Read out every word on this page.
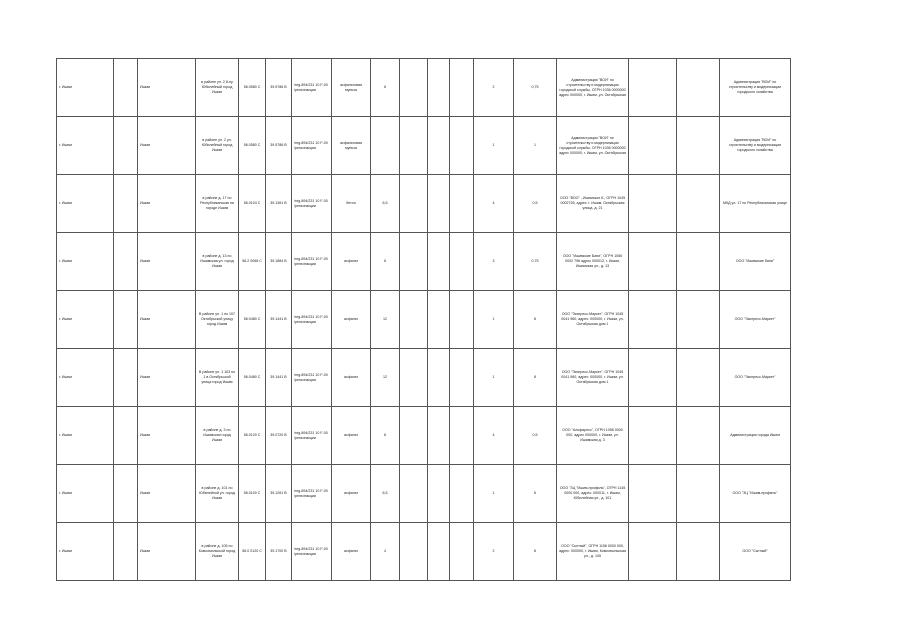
г. Ишим		Ишим	в районе ул. 2 й-ну Юбилейный город Ишим	56.0580 С	39.5786 В	/reg-894/231 10 F-00 /регионакции	асфальтовая мульча	6				2	0,75	Администрация "ВОИ" по строительству и модернизации городской службы, ОГРН 1036 0000000 адрес 000000, г. Ишим, ул. Октябрьская			Администрация "ВОИ" по строительству и модернизации городского хозяйства
г. Ишим		Ишим	в районе ул. 2 ул. Юбилейный город Ишим	56.0580 С	39.5786 В	/reg-894/231 10 F-00 /регионакции	асфальтовая мульча					1	1	Администрация "ВОИ" по строительству и модернизации городской службы, ОГРН 1036 0000000 адрес 000000, г. Ишим, ул. Октябрьская			Администрация "ВОИ" по строительству и модернизации городского хозяйства
г. Ишим		Ишим	в районе д. 17 по Республиканская на городе Ишим	56.0104 С	39.1361 В	/reg-894/231 10 F-00 /регионакции	бетон	6,5				4	0,5	ООО "ВОО" - Ишимское К., ОГРН 1045 0002726, адрес: г. Ишим, Октябрьская улица, д. 21			МКД ул. 17 по Республиканская улице
г. Ишим		Ишим	в районе д. 13 по Ишимская ул. город Ишим	56.2 0068 С	39.1884 В	/reg-894/231 10 F-00 /регионакции	асфальт	6				3	0,75	ООО "Ишимские Бани", ОГРН 1056 0002 796 адрес 000012, г. Ишим, Ишимская ул., д. 13			ООО "Ишимские бани"
г. Ишим		Ишим	В районе ул. 1 по 107 Октябрьской улицу город Ишим	56.0480 С	39.1441 В	/reg-894/231 10 F-00 /регионакции	асфальт	12				1	8	ООО "Экспресс-Маркет", ОГРН 1045 0041 960, адрес: 000000, г. Ишим, ул. Октябрьская дом 1			ООО "Экспресс-Маркет"
г. Ишим		Ишим	В районе ул. 1 103 по 1 в Октябрьской улица город Ишим	56.0480 С	39.1441 В	/reg-894/231 10 F-00 /регионакции	асфальт	12				1	8	ООО "Экспресс-Маркет", ОГРН 1045 0041 960, адрес: 000000, г. Ишим, ул. Октябрьская дом 1			ООО "Экспресс-Маркет"
г. Ишим		Ишим	в районе д. 3 по Ишимская город Ишим	56.0120 С	39.0720 В	/reg-894/231 10 F-00 /регионакции	асфальт	6				4	0,5	ООО "Альфаресс", ОГРН 1056 0000 000, адрес 000000, г. Ишим, ул. Ишимская д. 3			Администрация города Ишим
г. Ишим		Ишим	в районе д. 101 по Юбилейной ул. город Ишим	56.0100 С	39.1261 В	/reg-894/231 10 F-00 /регионакции	асфальт	6,5				1	6	ООО "ЗЦ "Ишим-профиль", ОГРН 1145 0000 000, адрес: 000011, г. Ишим, Юбилейная ул., д. 101			ООО "ЗЦ "Ишим-профиль"
г. Ишим		Ишим	в районе д. 105 по Комсомольской город Ишим	56.0 0120 С	39.1700 В	/reg-894/231 10 F-00 /регионакции	асфальт	4				2	8	ООО "Сытный", ОГРН 1156 0000 000, адрес: 000000, г. Ишим, Комсомольская ул., д. 105			ООО "Сытный"
